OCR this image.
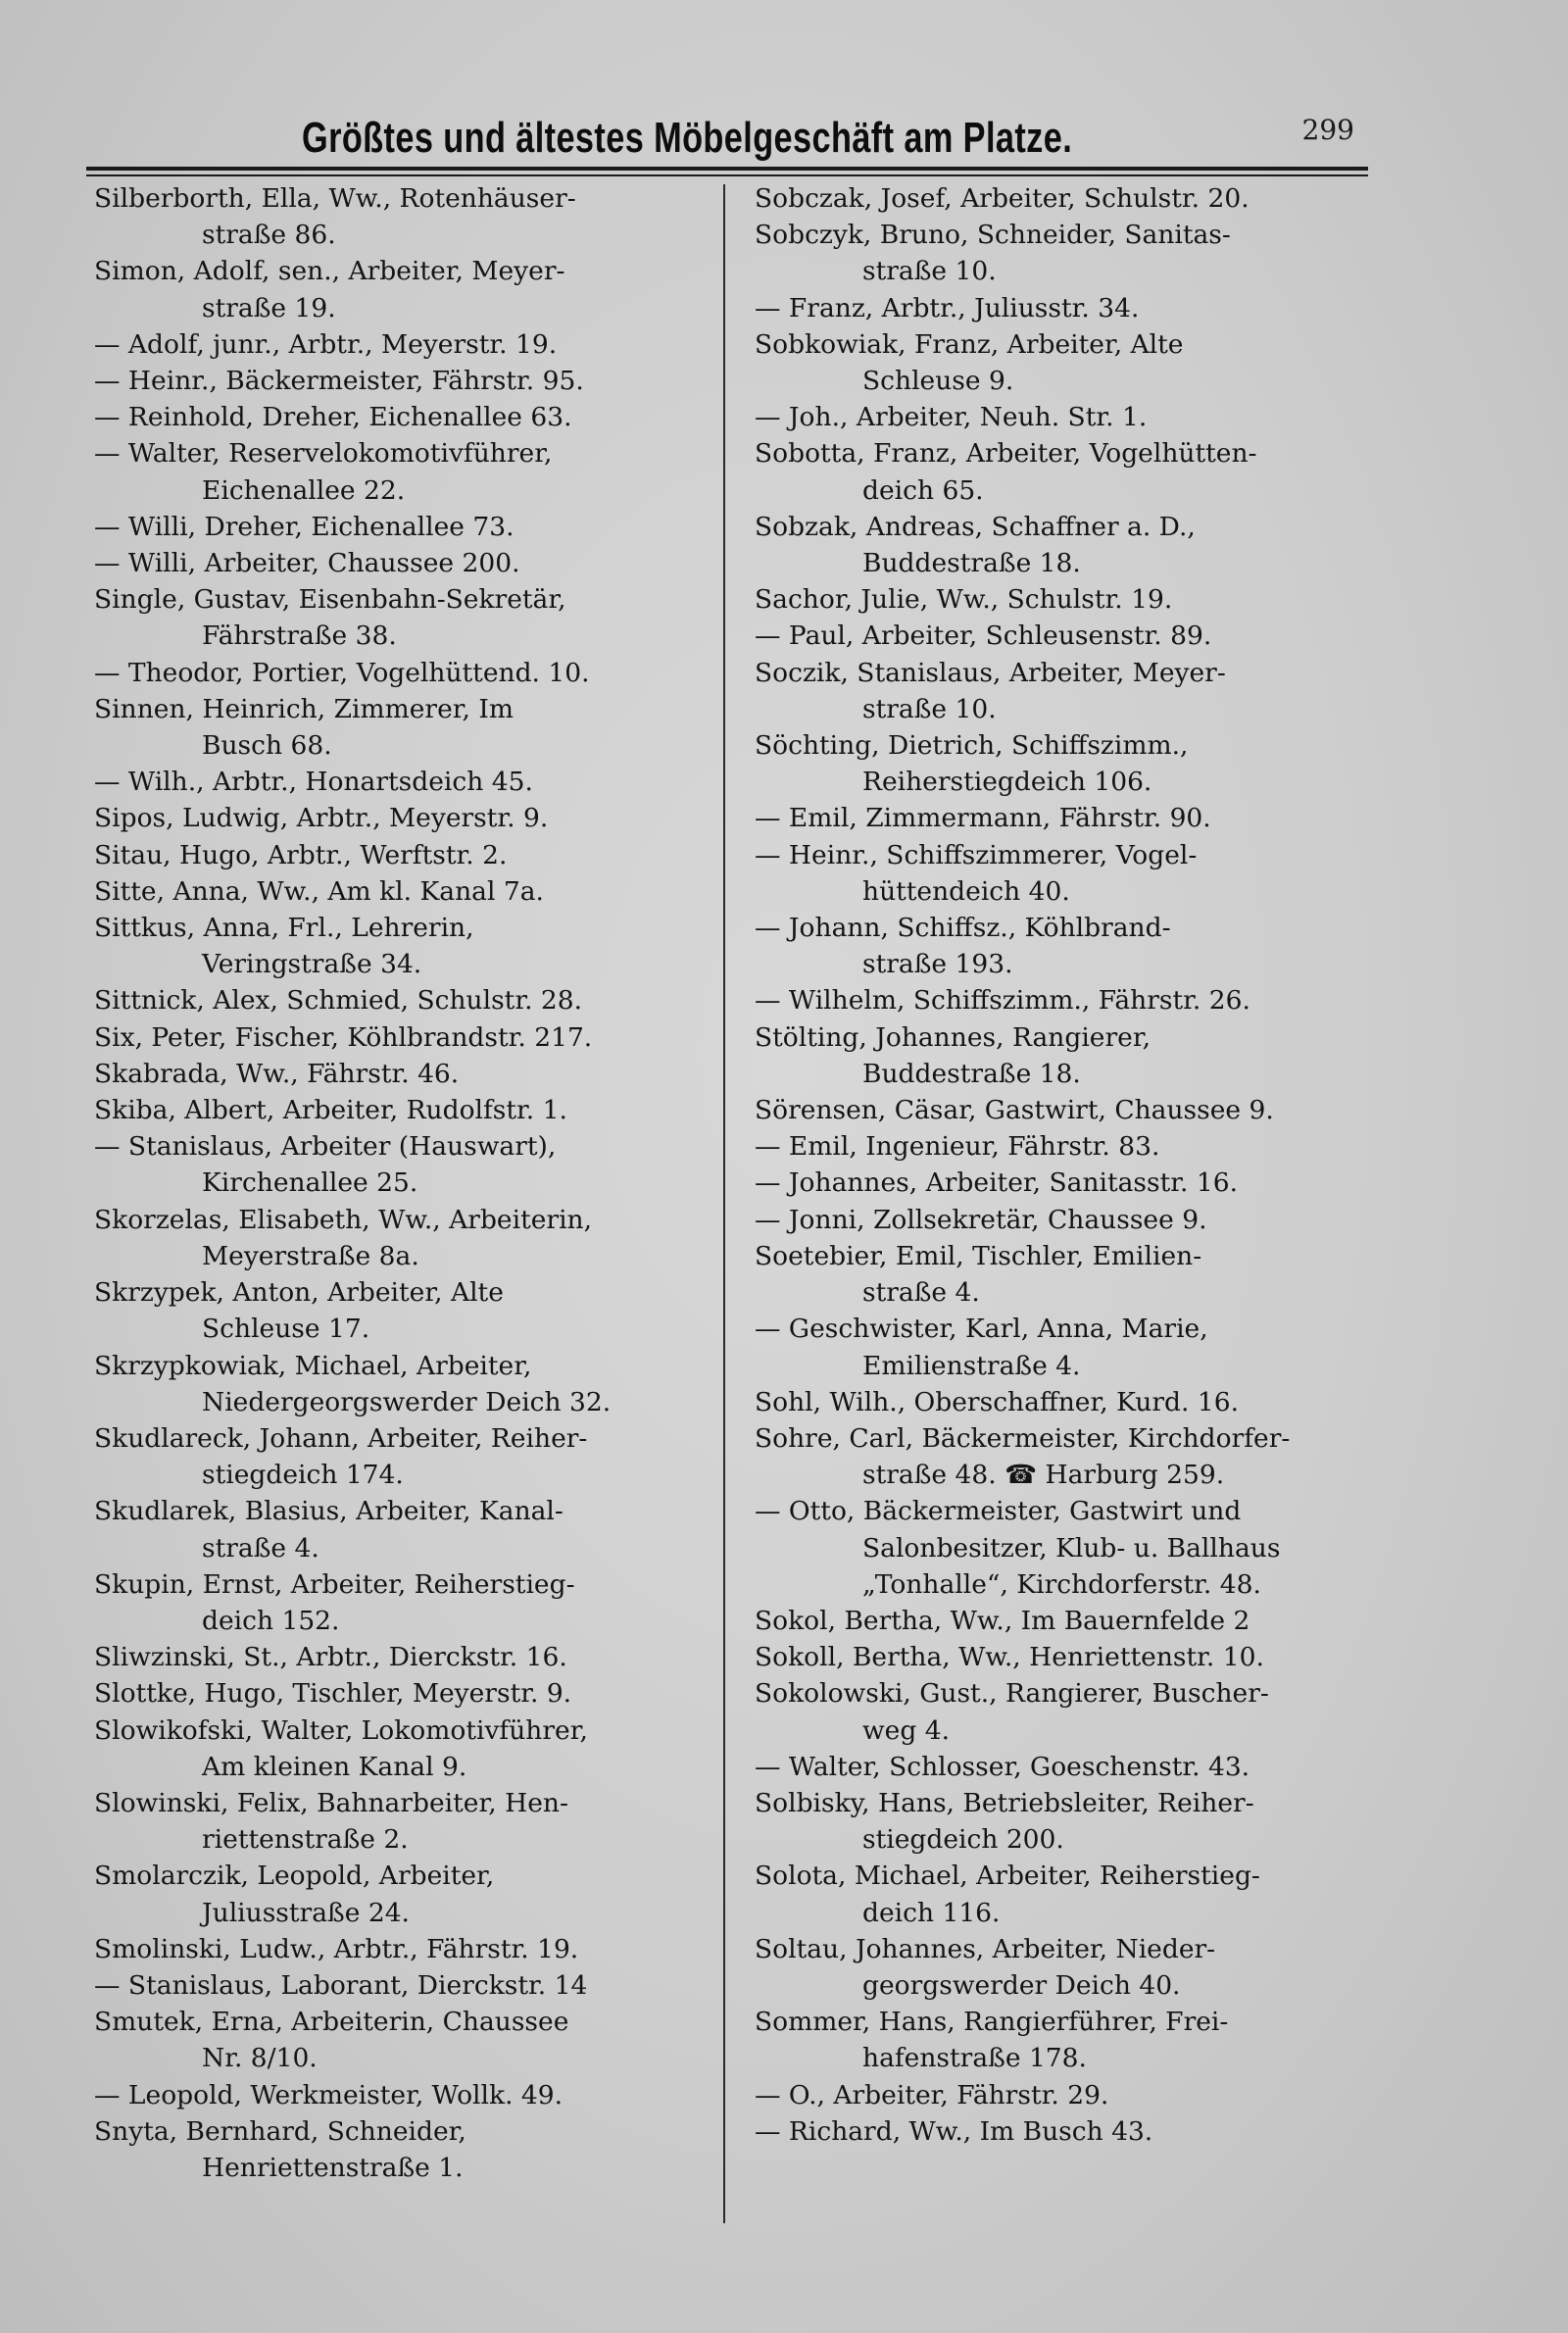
Größtes und ältestes Möbelgeschäft am Platze.	299
Silberborth, Ella, Ww., Rotenhäuser-
straße 86.
Simon, Adolf, sen., Arbeiter, Meyer-
straße 19.
— Adolf, junr., Arbtr., Meyerstr. 19.
— Heinr., Bäckermeister, Fährstr. 95.
— Reinhold, Dreher, Eichenallee 63.
— Walter, Reservelokomotivführer,
Eichenallee 22.
— Willi, Dreher, Eichenallee 73.
— Willi, Arbeiter, Chaussee 200.
Single, Gustav, Eisenbahn-Sekretär,
Fährstraße 38.
— Theodor, Portier, Vogelhüttend. 10.
Sinnen, Heinrich, Zimmerer, Im
Busch 68.
— Wilh., Arbtr., Honartsdeich 45.
Sipos, Ludwig, Arbtr., Meyerstr. 9.
Sitau, Hugo, Arbtr., Werftstr. 2.
Sitte, Anna, Ww., Am kl. Kanal 7a.
Sittkus, Anna, Frl., Lehrerin,
Veringstraße 34.
Sittnick, Alex, Schmied, Schulstr. 28.
Six, Peter, Fischer, Köhlbrandstr. 217.
Skabrada, Ww., Fährstr. 46.
Skiba, Albert, Arbeiter, Rudolfstr. 1.
— Stanislaus, Arbeiter (Hauswart),
Kirchenallee 25.
Skorzelas, Elisabeth, Ww., Arbeiterin,
Meyerstraße 8a.
Skrzypek, Anton, Arbeiter, Alte
Schleuse 17.
Skrzypkowiak, Michael, Arbeiter,
Niedergeorgswerder Deich 32.
Skudlareck, Johann, Arbeiter, Reiher-
stiegdeich 174.
Skudlarek, Blasius, Arbeiter, Kanal-
straße 4.
Skupin, Ernst, Arbeiter, Reiherstieg-
deich 152.
Sliwzinski, St., Arbtr., Dierckstr. 16.
Slottke, Hugo, Tischler, Meyerstr. 9.
Slowikofski, Walter, Lokomotivführer,
Am kleinen Kanal 9.
Slowinski, Felix, Bahnarbeiter, Hen-
riettenstraße 2.
Smolarczik, Leopold, Arbeiter,
Juliusstraße 24.
Smolinski, Ludw., Arbtr., Fährstr. 19.
— Stanislaus, Laborant, Dierckstr. 14
Smutek, Erna, Arbeiterin, Chaussee
Nr. 8/10.
— Leopold, Werkmeister, Wollk. 49.
Snyta, Bernhard, Schneider,
Henriettenstraße 1.
Sobczak, Josef, Arbeiter, Schulstr. 20.
Sobczyk, Bruno, Schneider, Sanitas-
straße 10.
— Franz, Arbtr., Juliusstr. 34.
Sobkowiak, Franz, Arbeiter, Alte
Schleuse 9.
— Joh., Arbeiter, Neuh. Str. 1.
Sobotta, Franz, Arbeiter, Vogelhütten-
deich 65.
Sobzak, Andreas, Schaffner a. D.,
Buddestraße 18.
Sachor, Julie, Ww., Schulstr. 19.
— Paul, Arbeiter, Schleusenstr. 89.
Soczik, Stanislaus, Arbeiter, Meyer-
straße 10.
Söchting, Dietrich, Schiffszimm.,
Reiherstiegdeich 106.
— Emil, Zimmermann, Fährstr. 90.
— Heinr., Schiffszimmerer, Vogel-
hüttendeich 40.
— Johann, Schiffsz., Köhlbrand-
straße 193.
— Wilhelm, Schiffszimm., Fährstr. 26.
Stölting, Johannes, Rangierer,
Buddestraße 18.
Sörensen, Cäsar, Gastwirt, Chaussee 9.
— Emil, Ingenieur, Fährstr. 83.
— Johannes, Arbeiter, Sanitasstr. 16.
— Jonni, Zollsekretär, Chaussee 9.
Soetebier, Emil, Tischler, Emilien-
straße 4.
— Geschwister, Karl, Anna, Marie,
Emilienstraße 4.
Sohl, Wilh., Oberschaffner, Kurd. 16.
Sohre, Carl, Bäckermeister, Kirchdorfer-
straße 48. ☎ Harburg 259.
— Otto, Bäckermeister, Gastwirt und
Salonbesitzer, Klub- u. Ballhaus
„Tonhalle“, Kirchdorferstr. 48.
Sokol, Bertha, Ww., Im Bauernfelde 2
Sokoll, Bertha, Ww., Henriettenstr. 10.
Sokolowski, Gust., Rangierer, Buscher-
weg 4.
— Walter, Schlosser, Goeschenstr. 43.
Solbisky, Hans, Betriebsleiter, Reiher-
stiegdeich 200.
Solota, Michael, Arbeiter, Reiherstieg-
deich 116.
Soltau, Johannes, Arbeiter, Nieder-
georgswerder Deich 40.
Sommer, Hans, Rangierführer, Frei-
hafenstraße 178.
— O., Arbeiter, Fährstr. 29.
— Richard, Ww., Im Busch 43.
